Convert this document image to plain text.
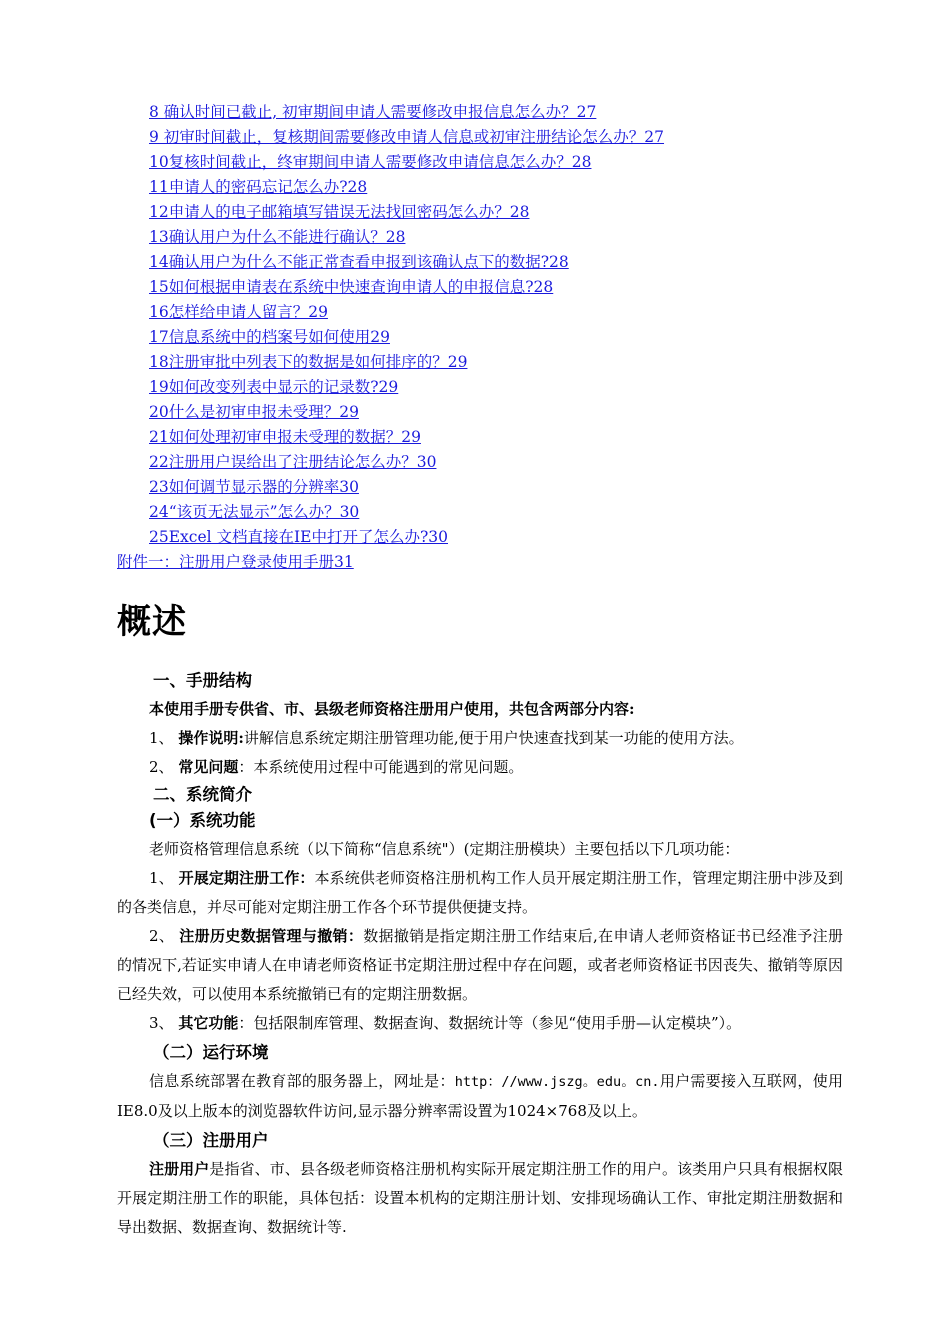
8 确认时间已截止, 初审期间申请人需要修改申报信息怎么办？27
9 初审时间截止，复核期间需要修改申请人信息或初审注册结论怎么办？27
10复核时间截止，终审期间申请人需要修改申请信息怎么办？28
11申请人的密码忘记怎么办?28
12申请人的电子邮箱填写错误无法找回密码怎么办？28
13确认用户为什么不能进行确认？28
14确认用户为什么不能正常查看申报到该确认点下的数据?28
15如何根据申请表在系统中快速查询申请人的申报信息?28
16怎样给申请人留言？29
17信息系统中的档案号如何使用29
18注册审批中列表下的数据是如何排序的？29
19如何改变列表中显示的记录数?29
20什么是初审申报未受理？29
21如何处理初审申报未受理的数据？29
22注册用户误给出了注册结论怎么办？30
23如何调节显示器的分辨率30
24“该页无法显示”怎么办？30
25Excel 文档直接在IE中打开了怎么办?30
附件一：注册用户登录使用手册31
概述
一、手册结构
本使用手册专供省、市、县级老师资格注册用户使用，共包含两部分内容:
1、 操作说明:讲解信息系统定期注册管理功能,便于用户快速查找到某一功能的使用方法。
2、 常见问题：本系统使用过程中可能遇到的常见问题。
二、系统简介
(一）系统功能
老师资格管理信息系统（以下简称“信息系统"）(定期注册模块）主要包括以下几项功能：
1、 开展定期注册工作：本系统供老师资格注册机构工作人员开展定期注册工作，管理定期注册中涉及到的各类信息，并尽可能对定期注册工作各个环节提供便捷支持。
2、 注册历史数据管理与撤销：数据撤销是指定期注册工作结束后,在申请人老师资格证书已经准予注册的情况下,若证实申请人在申请老师资格证书定期注册过程中存在问题，或者老师资格证书因丧失、撤销等原因已经失效，可以使用本系统撤销已有的定期注册数据。
3、 其它功能：包括限制库管理、数据查询、数据统计等（参见“使用手册—认定模块”）。
（二）运行环境
信息系统部署在教育部的服务器上，网址是：http：//www.jszg。edu。cn.用户需要接入互联网，使用IE8.0及以上版本的浏览器软件访问,显示器分辨率需设置为1024×768及以上。
（三）注册用户
注册用户是指省、市、县各级老师资格注册机构实际开展定期注册工作的用户。该类用户只具有根据权限开展定期注册工作的职能，具体包括：设置本机构的定期注册计划、安排现场确认工作、审批定期注册数据和导出数据、数据查询、数据统计等.
